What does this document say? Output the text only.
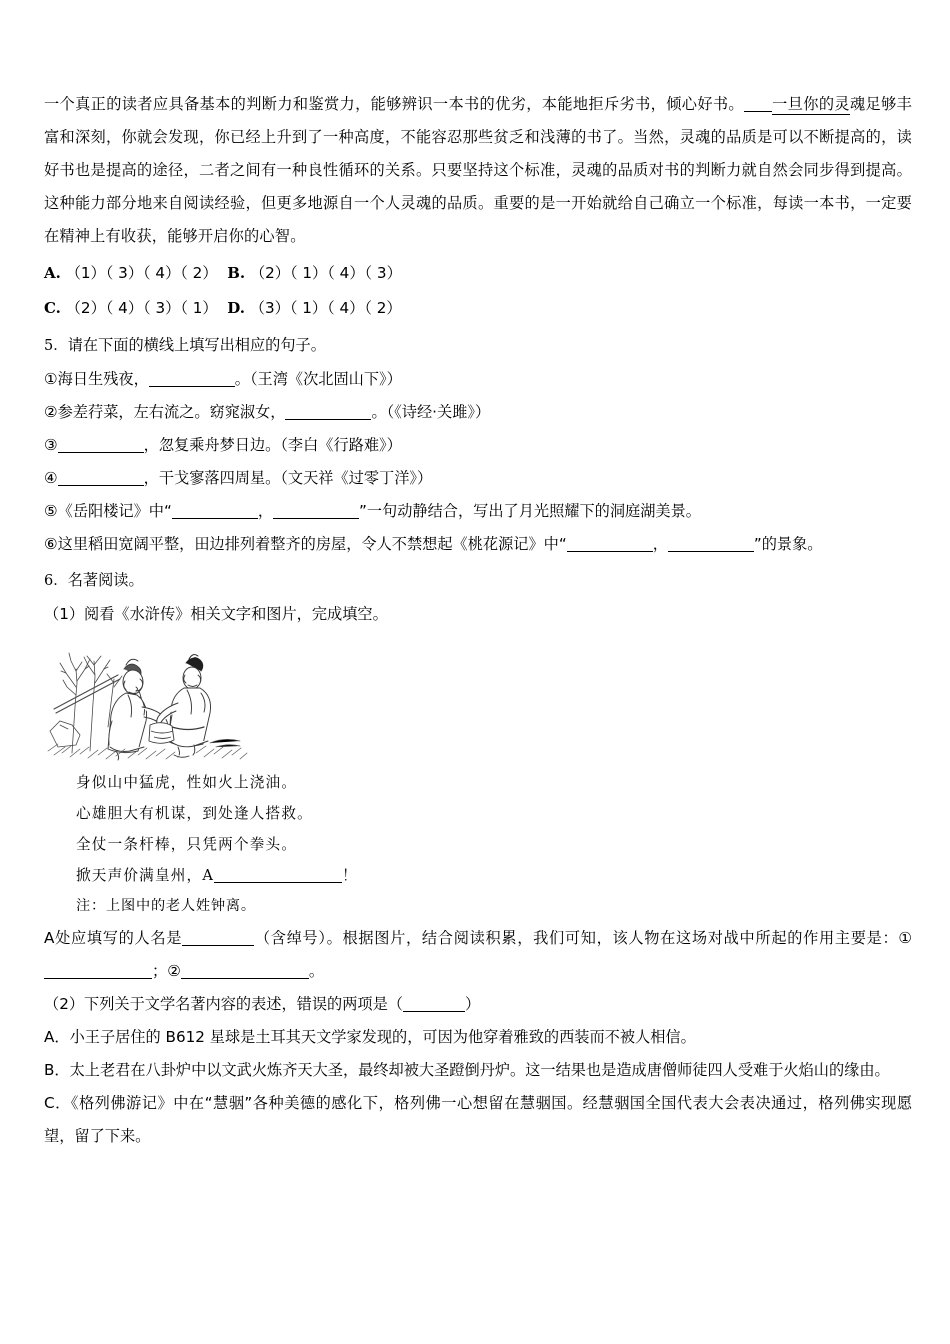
一个真正的读者应具备基本的判断力和鉴赏力，能够辨识一本书的优劣，本能地拒斥劣书，倾心好书。 一旦你的灵魂足够丰富和深刻，你就会发现，你已经上升到了一种高度，不能容忍那些贫乏和浅薄的书了。当然，灵魂的品质是可以不断提高的，读好书也是提高的途径，二者之间有一种良性循环的关系。只要坚持这个标准，灵魂的品质对书的判断力就自然会同步得到提高。这种能力部分地来自阅读经验，但更多地源自一个人灵魂的品质。重要的是一开始就给自己确立一个标准，每读一本书，一定要在精神上有收获，能够开启你的心智。
A. （1）（ 3）（ 4）（ 2） B. （2）（ 1）（ 4）（ 3）
C. （2）（ 4）（ 3）（ 1） D. （3）（ 1）（ 4）（ 2）
5．请在下面的横线上填写出相应的句子。
①海日生残夜，	。（王湾《次北固山下》）
②参差荇菜，左右流之。窈窕淑女，	。（《诗经·关雎》）
③	，忽复乘舟梦日边。（李白《行路难》）
④	，干戈寥落四周星。（文天祥《过零丁洋》）
⑤《岳阳楼记》中“	，	”一句动静结合，写出了月光照耀下的洞庭湖美景。
⑥这里稻田宽阔平整，田边排列着整齐的房屋，令人不禁想起《桃花源记》中“	，	”的景象。
6．名著阅读。
（1）阅看《水浒传》相关文字和图片，完成填空。
身似山中猛虎，性如火上浇油。
心雄胆大有机谋，到处逢人搭救。
全仗一条杆棒，只凭两个拳头。
掀天声价满皇州，A	！
注：上图中的老人姓钟离。
A处应填写的人名是	（含绰号）。根据图片，结合阅读积累，我们可知，该人物在这场对战中所起的作用主要是：①；②	。
（2）下列关于文学名著内容的表述，错误的两项是（	）
A．小王子居住的 B612 星球是土耳其天文学家发现的，可因为他穿着雅致的西装而不被人相信。
B．太上老君在八卦炉中以文武火炼齐天大圣，最终却被大圣蹬倒丹炉。这一结果也是造成唐僧师徒四人受难于火焰山的缘由。
C．《格列佛游记》中在“慧骃”各种美德的感化下，格列佛一心想留在慧骃国。经慧骃国全国代表大会表决通过，格列佛实现愿望，留了下来。
